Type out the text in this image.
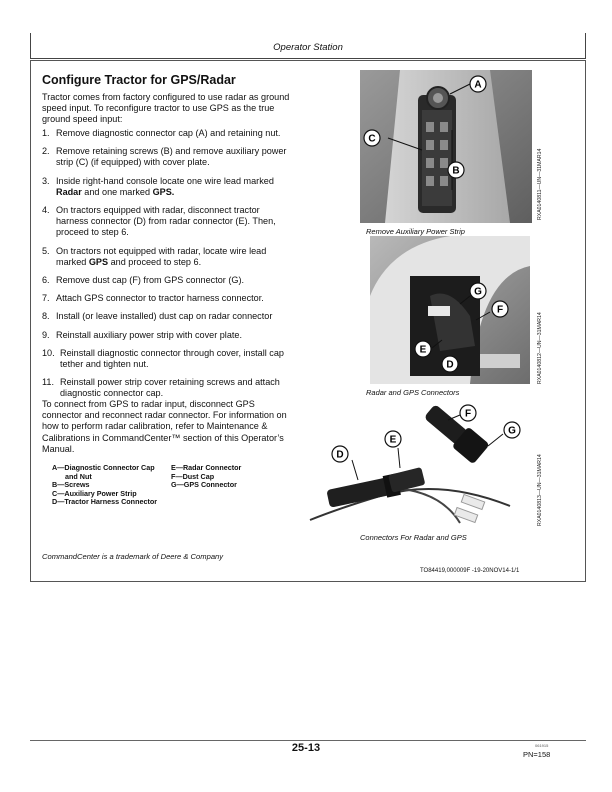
Operator Station
Configure Tractor for GPS/Radar
Tractor comes from factory configured to use radar as ground speed input. To reconfigure tractor to use GPS as the true ground speed input:
1. Remove diagnostic connector cap (A) and retaining nut.
2. Remove retaining screws (B) and remove auxiliary power strip (C) (if equipped) with cover plate.
3. Inside right-hand console locate one wire lead marked Radar and one marked GPS.
4. On tractors equipped with radar, disconnect tractor harness connector (D) from radar connector (E). Then, proceed to step 6.
5. On tractors not equipped with radar, locate wire lead marked GPS and proceed to step 6.
6. Remove dust cap (F) from GPS connector (G).
7. Attach GPS connector to tractor harness connector.
8. Install (or leave installed) dust cap on radar connector
9. Reinstall auxiliary power strip with cover plate.
10. Reinstall diagnostic connector through cover, install cap tether and tighten nut.
11. Reinstall power strip cover retaining screws and attach diagnostic connector cap.
To connect from GPS to radar input, disconnect GPS connector and reconnect radar connector. For information on how to perform radar calibration, refer to Maintenance & Calibrations in CommandCenter™ section of this Operator’s Manual.
A—Diagnostic Connector Cap
and Nut
B—Screws
C—Auxiliary Power Strip
D—Tractor Harness Connector
E—Radar Connector
F—Dust Cap
G—GPS Connector
CommandCenter is a trademark of Deere & Company
TO84419,000009F -19-20NOV14-1/1
A
B
C
RXA0140811—UN—31MAR14
Remove Auxiliary Power Strip
G
F
E
D	RXA0140812—UN—31MAR14
Radar and GPS Connectors
F
E
G
D	RXA0140813—UN—31MAR14
Connectors For Radar and GPS
25-13	061915
PN=158
